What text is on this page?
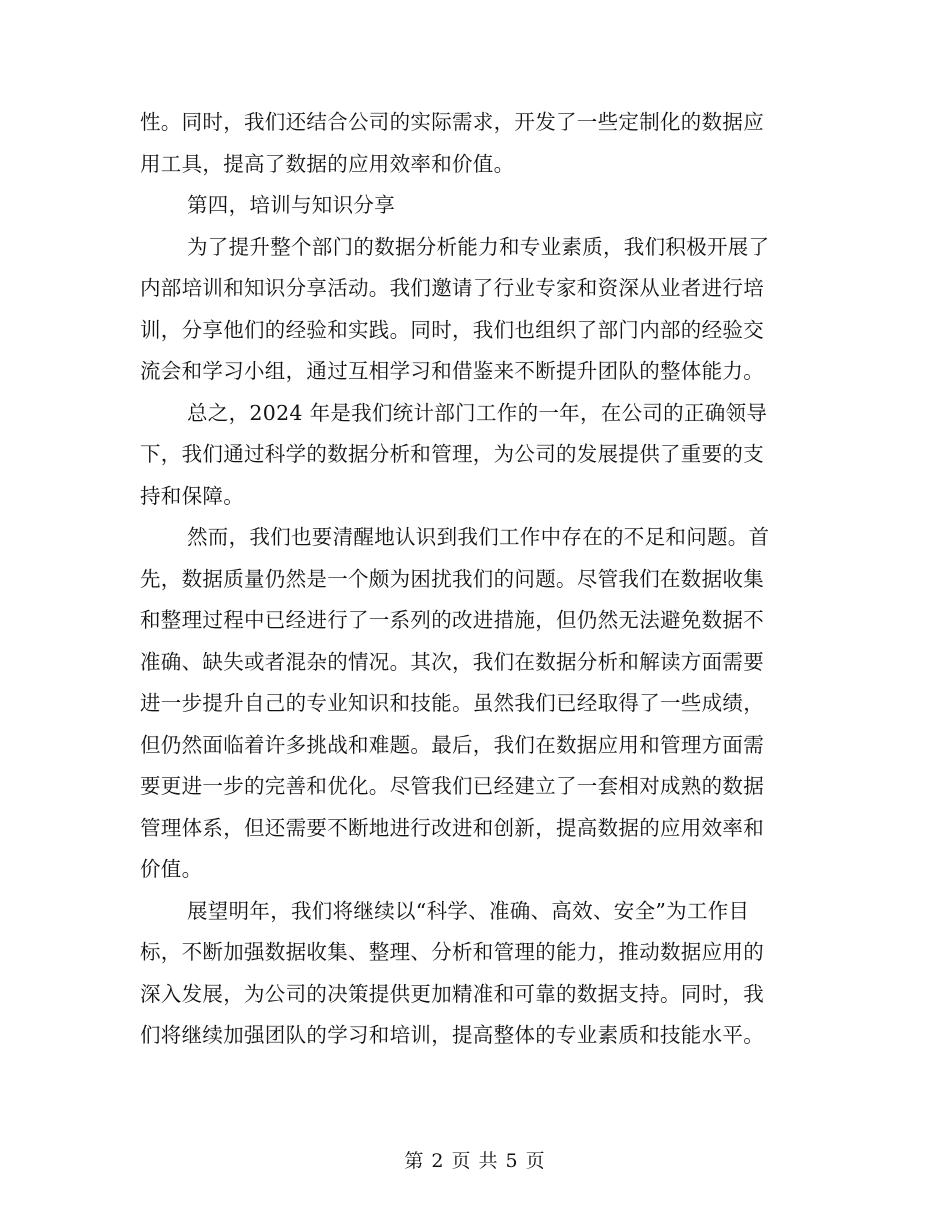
性。同时，我们还结合公司的实际需求，开发了一些定制化的数据应
用工具，提高了数据的应用效率和价值。
第四，培训与知识分享
为了提升整个部门的数据分析能力和专业素质，我们积极开展了
内部培训和知识分享活动。我们邀请了行业专家和资深从业者进行培
训，分享他们的经验和实践。同时，我们也组织了部门内部的经验交
流会和学习小组，通过互相学习和借鉴来不断提升团队的整体能力。
总之，2024 年是我们统计部门工作的一年，在公司的正确领导
下，我们通过科学的数据分析和管理，为公司的发展提供了重要的支
持和保障。
然而，我们也要清醒地认识到我们工作中存在的不足和问题。首
先，数据质量仍然是一个颇为困扰我们的问题。尽管我们在数据收集
和整理过程中已经进行了一系列的改进措施，但仍然无法避免数据不
准确、缺失或者混杂的情况。其次，我们在数据分析和解读方面需要
进一步提升自己的专业知识和技能。虽然我们已经取得了一些成绩，
但仍然面临着许多挑战和难题。最后，我们在数据应用和管理方面需
要更进一步的完善和优化。尽管我们已经建立了一套相对成熟的数据
管理体系，但还需要不断地进行改进和创新，提高数据的应用效率和
价值。
展望明年，我们将继续以“科学、准确、高效、安全”为工作目
标，不断加强数据收集、整理、分析和管理的能力，推动数据应用的
深入发展，为公司的决策提供更加精准和可靠的数据支持。同时，我
们将继续加强团队的学习和培训，提高整体的专业素质和技能水平。
第 2 页 共 5 页
